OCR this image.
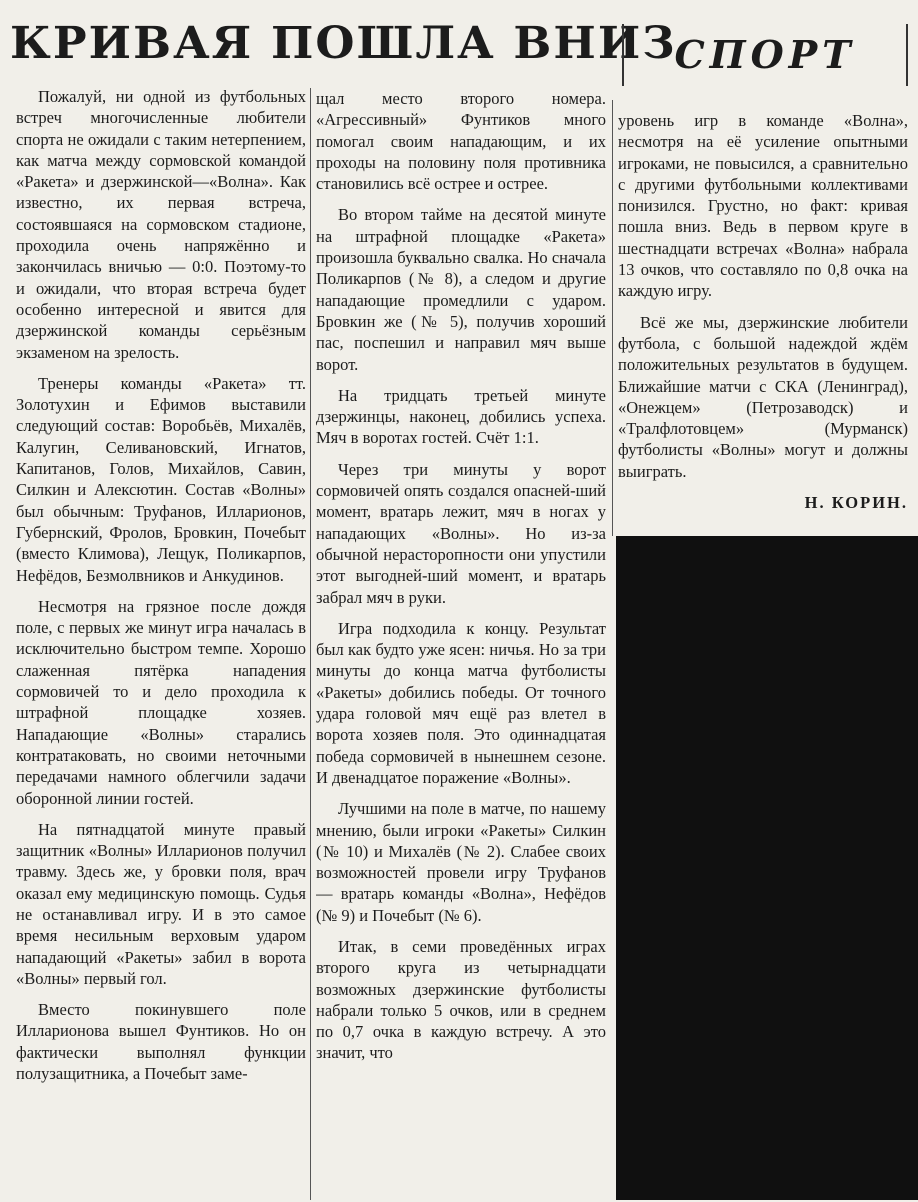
КРИВАЯ ПОШЛА ВНИЗ
СПОРТ

Пожалуй, ни одной из футбольных встреч многочисленные любители спорта не ожидали с таким нетерпением, как матча между сормовской командой «Ракета» и дзержинской—«Волна». Как известно, их первая встреча, состоявшаяся на сормовском стадионе, проходила очень напряжённо и закончилась вничью — 0:0. Поэтому-то и ожидали, что вторая встреча будет особенно интересной и явится для дзержинской команды серьёзным экзаменом на зрелость.

Тренеры команды «Ракета» тт. Золотухин и Ефимов выставили следующий состав: Воробьёв, Михалёв, Калугин, Селивановский, Игнатов, Капитанов, Голов, Михайлов, Савин, Силкин и Алексютин. Состав «Волны» был обычным: Труфанов, Илларионов, Губернский, Фролов, Бровкин, Почебыт (вместо Климова), Лещук, Поликарпов, Нефёдов, Безмолвников и Анкудинов.

Несмотря на грязное после дождя поле, с первых же минут игра началась в исключительно быстром темпе. Хорошо слаженная пятёрка нападения сормовичей то и дело проходила к штрафной площадке хозяев. Нападающие «Волны» старались контратаковать, но своими неточными передачами намного облегчили задачи оборонной линии гостей.

На пятнадцатой минуте правый защитник «Волны» Илларионов получил травму. Здесь же, у бровки поля, врач оказал ему медицинскую помощь. Судья не останавливал игру. И в это самое время несильным верховым ударом нападающий «Ракеты» забил в ворота «Волны» первый гол.

Вместо покинувшего поле Илларионова вышел Фунтиков. Но он фактически выполнял функции полузащитника, а Почебыт заме-

щал место второго номера. «Агрессивный» Фунтиков много помогал своим нападающим, и их проходы на половину поля противника становились всё острее и острее.

Во втором тайме на десятой минуте на штрафной площадке «Ракета» произошла буквально свалка. Но сначала Поликарпов (№ 8), а следом и другие нападающие промедлили с ударом. Бровкин же (№ 5), получив хороший пас, поспешил и направил мяч выше ворот.

На тридцать третьей минуте дзержинцы, наконец, добились успеха. Мяч в воротах гостей. Счёт 1:1.

Через три минуты у ворот сормовичей опять создался опасней-ший момент, вратарь лежит, мяч в ногах у нападающих «Волны». Но из-за обычной нерасторопности они упустили этот выгодней-ший момент, и вратарь забрал мяч в руки.

Игра подходила к концу. Результат был как будто уже ясен: ничья. Но за три минуты до конца матча футболисты «Ракеты» добились победы. От точного удара головой мяч ещё раз влетел в ворота хозяев поля. Это одиннадцатая победа сормовичей в нынешнем сезоне. И двенадцатое поражение «Волны».

Лучшими на поле в матче, по нашему мнению, были игроки «Ракеты» Силкин (№ 10) и Михалёв (№ 2). Слабее своих возможностей провели игру Труфанов — вратарь команды «Волна», Нефёдов (№ 9) и Почебыт (№ 6).

Итак, в семи проведённых играх второго круга из четырнадцати возможных дзержинские футболисты набрали только 5 очков, или в среднем по 0,7 очка в каждую встречу. А это значит, что

уровень игр в команде «Волна», несмотря на её усиление опытными игроками, не повысился, а сравнительно с другими футбольными коллективами понизился. Грустно, но факт: кривая пошла вниз. Ведь в первом круге в шестнадцати встречах «Волна» набрала 13 очков, что составляло по 0,8 очка на каждую игру.

Всё же мы, дзержинские любители футбола, с большой надеждой ждём положительных результатов в будущем. Ближайшие матчи с СКА (Ленинград), «Онежцем» (Петрозаводск) и «Тралфлотовцем» (Мурманск) футболисты «Волны» могут и должны выиграть.

Н. КОРИН.
